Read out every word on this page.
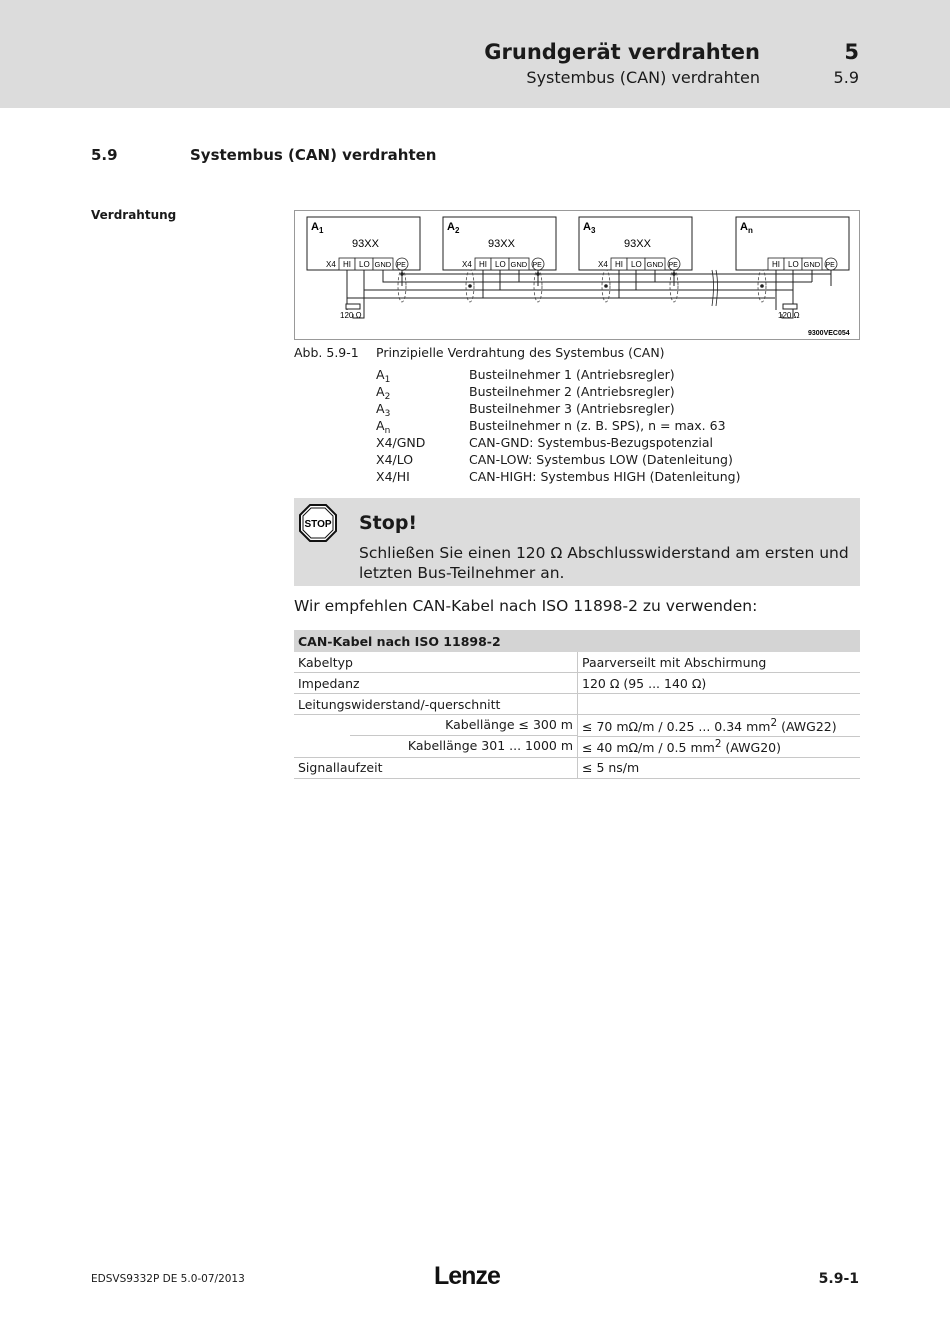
Grundgerät verdrahten	5
Systembus (CAN) verdrahten	5.9
5.9	Systembus (CAN) verdrahten
Verdrahtung
$A_1$
93XX
X4 HI LO GND PE
$A_2$
93XX
X4 HI LO GND PE
$A_3$
93XX
X4 HI LO GND PE
$A_n$
HI LO GND PE
120 Ω	120 Ω
9300VEC054
Abb. 5.9-1 Prinzipielle Verdrahtung des Systembus (CAN)
$A_1$	Busteilnehmer 1 (Antriebsregler)
$A_2$	Busteilnehmer 2 (Antriebsregler)
$A_3$	Busteilnehmer 3 (Antriebsregler)
$A_n$	Busteilnehmer n (z. B. SPS), n = max. 63
X4/GND	CAN-GND: Systembus-Bezugspotenzial
X4/LO	CAN-LOW: Systembus LOW (Datenleitung)
X4/HI	CAN-HIGH: Systembus HIGH (Datenleitung)
STOP Stop!
Schließen Sie einen 120 Ω Abschlusswiderstand am ersten und letzten Bus-Teilnehmer an.
Wir empfehlen CAN-Kabel nach ISO 11898-2 zu verwenden:
CAN-Kabel nach ISO 11898-2	
Kabeltyp	Paarverseilt mit Abschirmung
Impedanz	120 Ω (95 ... 140 Ω)
Leitungswiderstand/-querschnitt	

Kabellänge ≤ 300 m	≤ 70 mΩ/m / 0.25 ... 0.34 $mm^2$ (AWG22)

Kabellänge 301 ... 1000 m	≤ 40 mΩ/m / 0.5 $mm^2$ (AWG20)
Signallaufzeit	≤ 5 ns/m
EDSVS9332P DE 5.0-07/2013	Lenze	5.9-1
